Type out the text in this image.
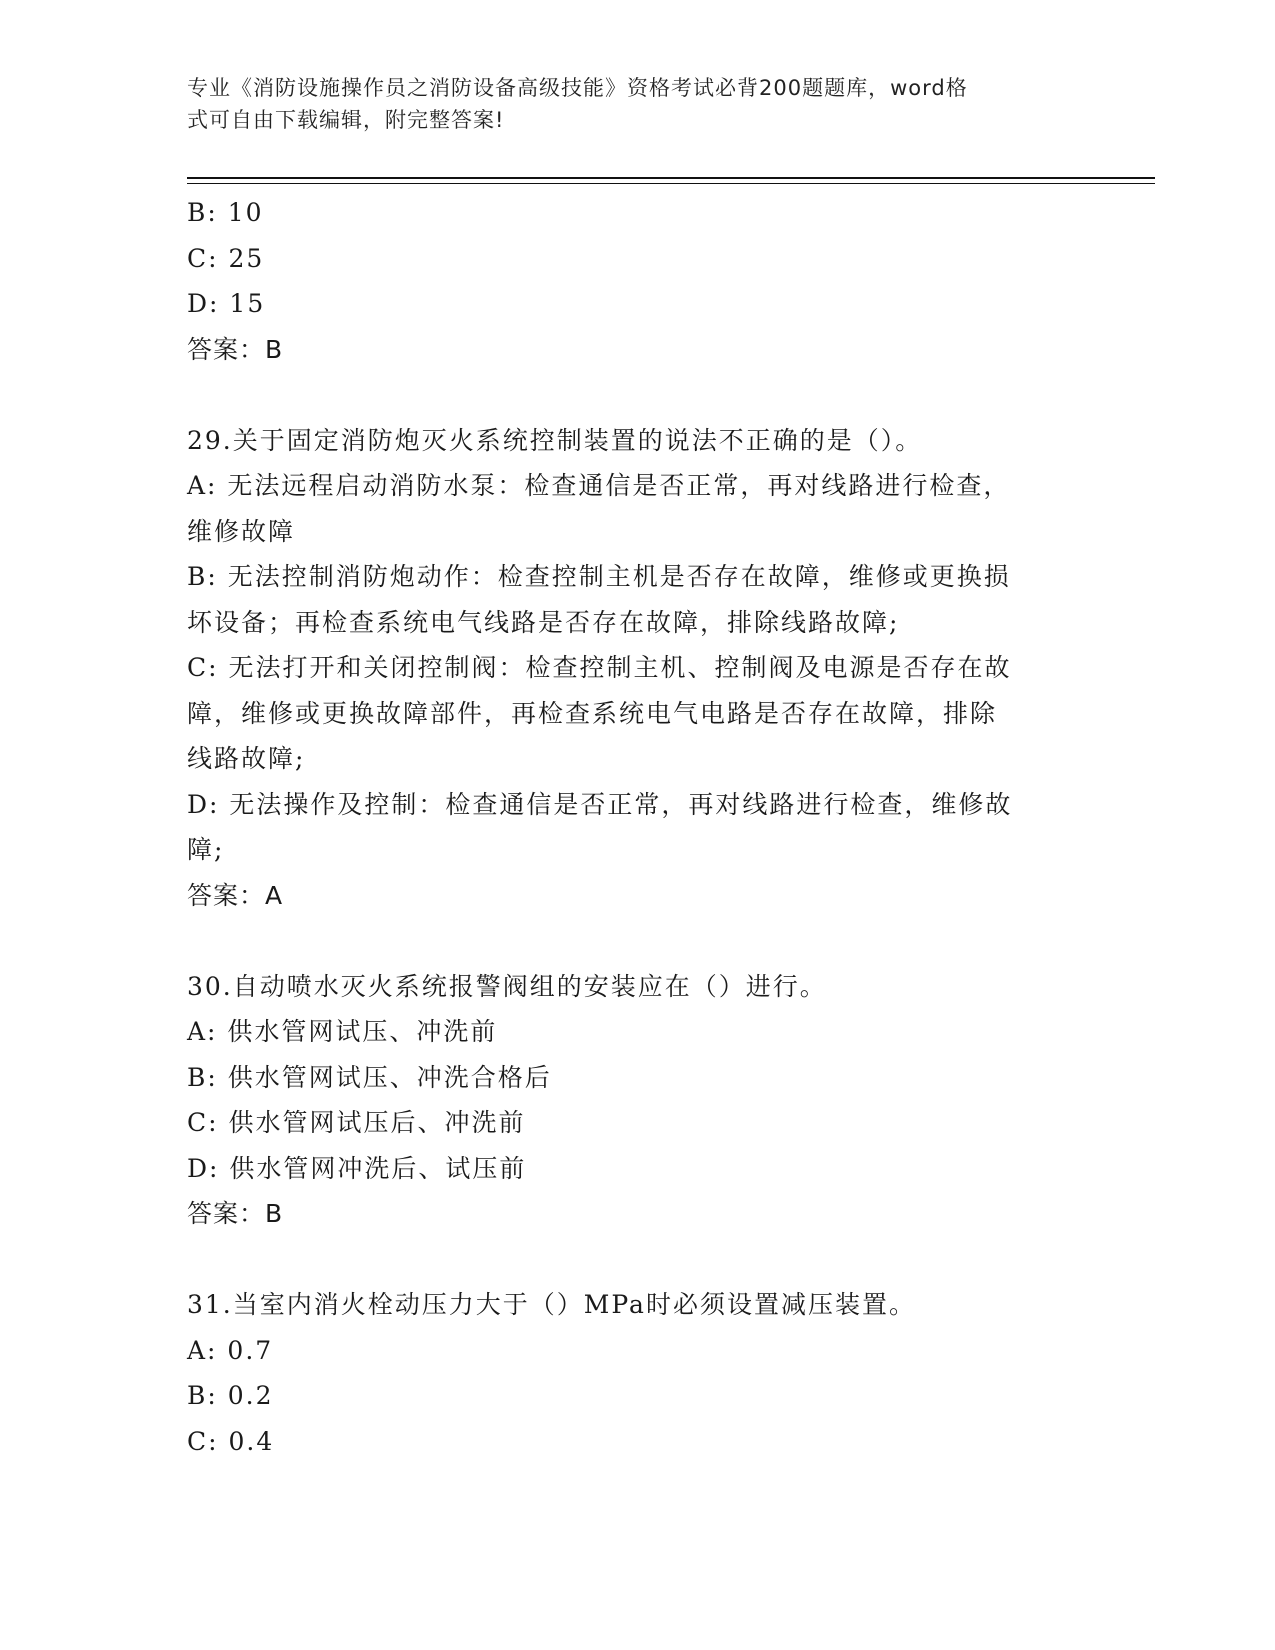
专业《消防设施操作员之消防设备高级技能》资格考试必背200题题库，word格
式可自由下载编辑，附完整答案!
B: 10
C: 25
D: 15
答案：B
29.关于固定消防炮灭火系统控制装置的说法不正确的是（）。
A: 无法远程启动消防水泵：检查通信是否正常，再对线路进行检查，
维修故障
B: 无法控制消防炮动作：检查控制主机是否存在故障，维修或更换损
坏设备；再检查系统电气线路是否存在故障，排除线路故障;
C: 无法打开和关闭控制阀：检查控制主机、控制阀及电源是否存在故
障，维修或更换故障部件，再检查系统电气电路是否存在故障，排除
线路故障;
D: 无法操作及控制：检查通信是否正常，再对线路进行检查，维修故
障;
答案：A
30.自动喷水灭火系统报警阀组的安装应在（）进行。
A: 供水管网试压、冲洗前
B: 供水管网试压、冲洗合格后
C: 供水管网试压后、冲洗前
D: 供水管网冲洗后、试压前
答案：B
31.当室内消火栓动压力大于（）MPa时必须设置减压装置。
A: 0.7
B: 0.2
C: 0.4
